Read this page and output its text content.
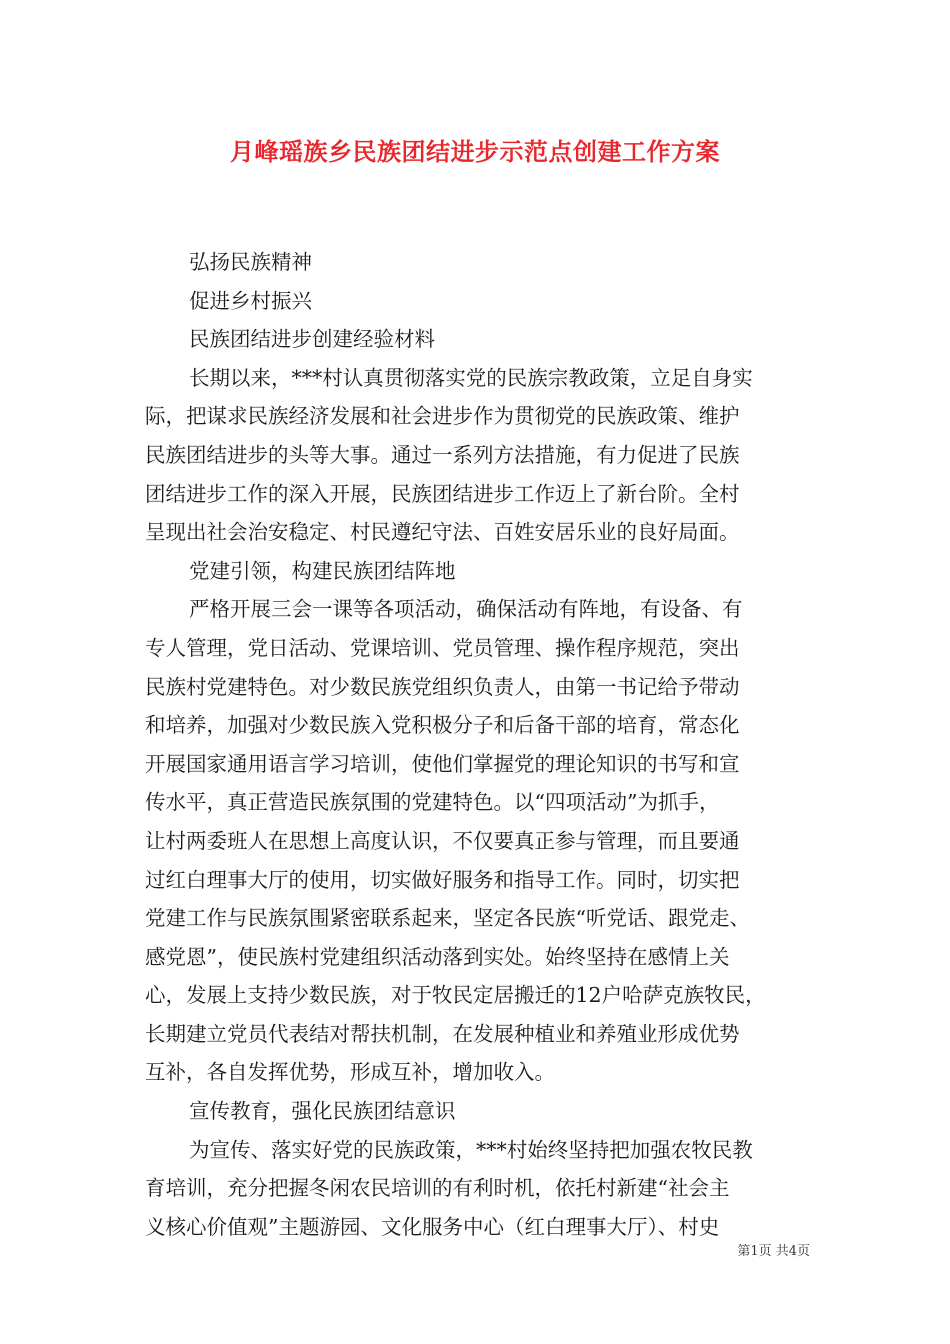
月峰瑶族乡民族团结进步示范点创建工作方案
弘扬民族精神
促进乡村振兴
民族团结进步创建经验材料
长期以来，***村认真贯彻落实党的民族宗教政策，立足自身实
际，把谋求民族经济发展和社会进步作为贯彻党的民族政策、维护
民族团结进步的头等大事。通过一系列方法措施，有力促进了民族
团结进步工作的深入开展，民族团结进步工作迈上了新台阶。全村
呈现出社会治安稳定、村民遵纪守法、百姓安居乐业的良好局面。
党建引领，构建民族团结阵地
严格开展三会一课等各项活动，确保活动有阵地，有设备、有
专人管理，党日活动、党课培训、党员管理、操作程序规范，突出
民族村党建特色。对少数民族党组织负责人，由第一书记给予带动
和培养，加强对少数民族入党积极分子和后备干部的培育，常态化
开展国家通用语言学习培训，使他们掌握党的理论知识的书写和宣
传水平，真正营造民族氛围的党建特色。以“四项活动”为抓手，
让村两委班人在思想上高度认识，不仅要真正参与管理，而且要通
过红白理事大厅的使用，切实做好服务和指导工作。同时，切实把
党建工作与民族氛围紧密联系起来，坚定各民族“听党话、跟党走、
感党恩”，使民族村党建组织活动落到实处。始终坚持在感情上关
心，发展上支持少数民族，对于牧民定居搬迁的12户哈萨克族牧民，
长期建立党员代表结对帮扶机制，在发展种植业和养殖业形成优势
互补，各自发挥优势，形成互补，增加收入。
宣传教育，强化民族团结意识
为宣传、落实好党的民族政策，***村始终坚持把加强农牧民教
育培训，充分把握冬闲农民培训的有利时机，依托村新建“社会主
义核心价值观”主题游园、文化服务中心（红白理事大厅）、村史
第1页 共4页
